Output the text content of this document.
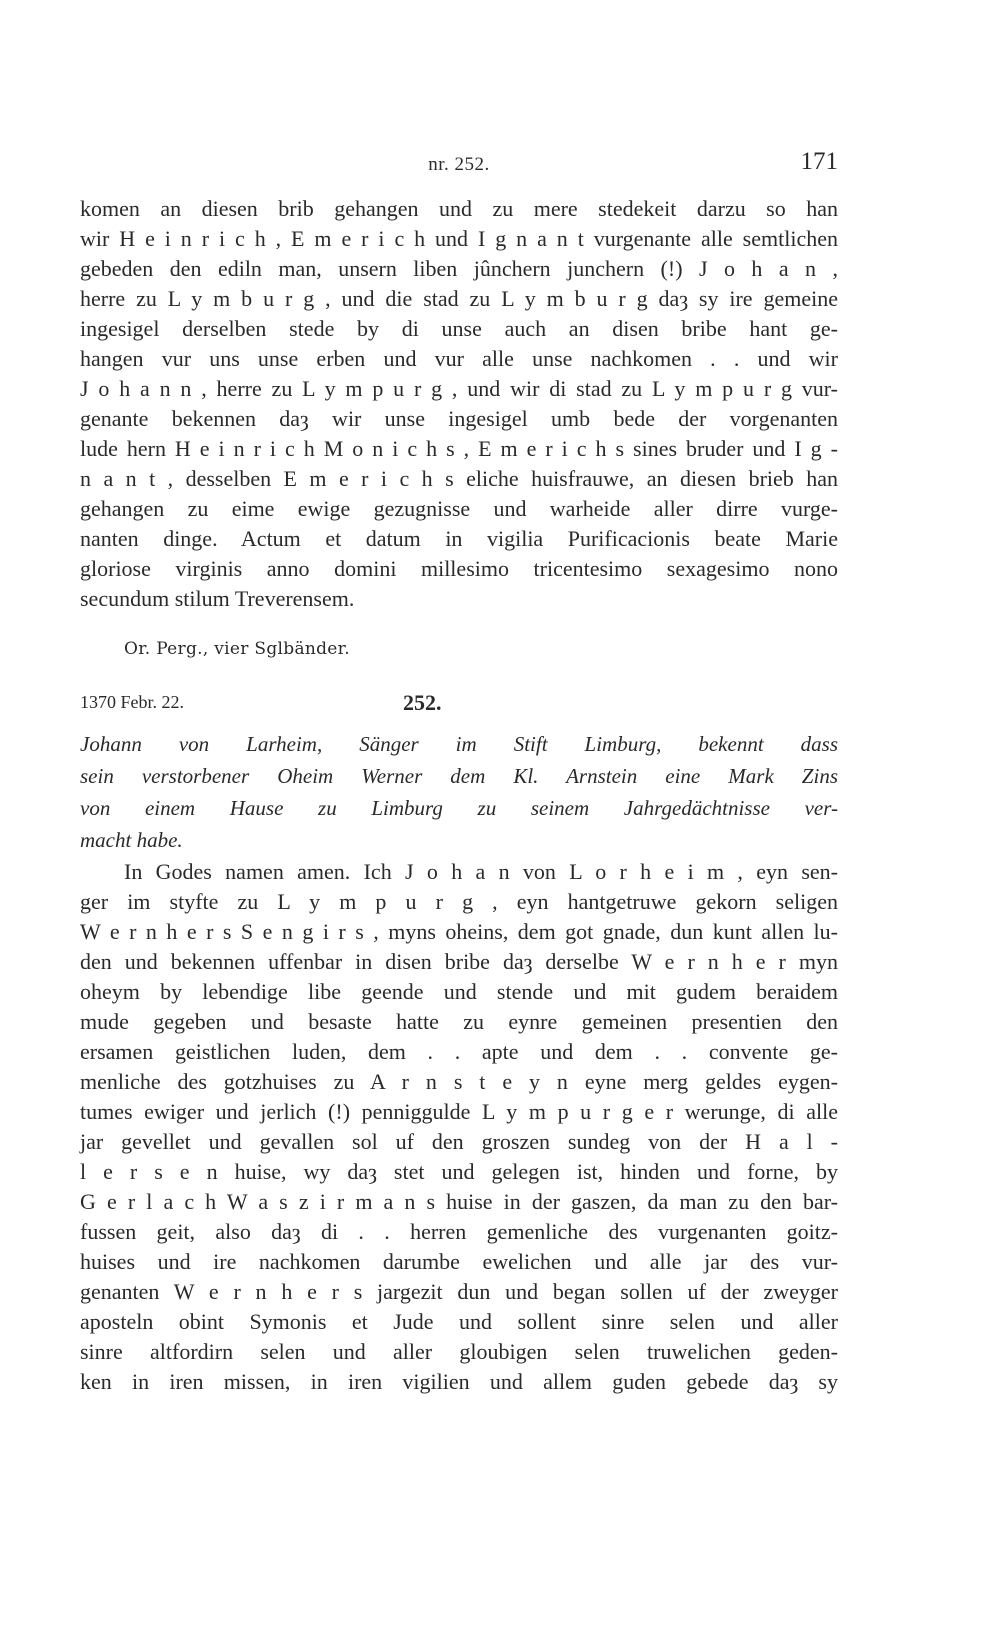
nr. 252.	171
komen an diesen brib gehangen und zu mere stedekeit darzu so han
wir H e i n r i c h , E m e r i c h und I g n a n t vurgenante alle semtlichen
gebeden den ediln man, unsern liben jûnchern junchern (!) J o h a n ,
herre zu L y m b u r g , und die stad zu L y m b u r g daȝ sy ire gemeine
ingesigel derselben stede by di unse auch an disen bribe hant ge-
hangen vur uns unse erben und vur alle unse nachkomen . . und wir
J o h a n n , herre zu L y m p u r g , und wir di stad zu L y m p u r g vur-
genante bekennen daȝ wir unse ingesigel umb bede der vorgenanten
lude hern H e i n r i c h M o n i c h s , E m e r i c h s sines bruder und I g -
n a n t , desselben E m e r i c h s eliche huisfrauwe, an diesen brieb han
gehangen zu eime ewige gezugnisse und warheide aller dirre vurge-
nanten dinge. Actum et datum in vigilia Purificacionis beate Marie
gloriose virginis anno domini millesimo tricentesimo sexagesimo nono
secundum stilum Treverensem.
Or. Perg., vier Sglbänder.
1370 Febr. 22.	252.
Johann von Larheim, Sänger im Stift Limburg, bekennt dass
sein verstorbener Oheim Werner dem Kl. Arnstein eine Mark Zins
von einem Hause zu Limburg zu seinem Jahrgedächtnisse ver-
macht habe.
In Godes namen amen. Ich J o h a n von L o r h e i m , eyn sen-
ger im styfte zu L y m p u r g , eyn hantgetruwe gekorn seligen
W e r n h e r s S e n g i r s , myns oheins, dem got gnade, dun kunt allen lu-
den und bekennen uffenbar in disen bribe daȝ derselbe W e r n h e r myn
oheym by lebendige libe geende und stende und mit gudem beraidem
mude gegeben und besaste hatte zu eynre gemeinen presentien den
ersamen geistlichen luden, dem . . apte und dem . . convente ge-
menliche des gotzhuises zu A r n s t e y n eyne merg geldes eygen-
tumes ewiger und jerlich (!) penniggulde L y m p u r g e r werunge, di alle
jar gevellet und gevallen sol uf den groszen sundeg von der H a l -
l e r s e n huise, wy daȝ stet und gelegen ist, hinden und forne, by
G e r l a c h W a s z i r m a n s huise in der gaszen, da man zu den bar-
fussen geit, also daȝ di . . herren gemenliche des vurgenanten goitz-
huises und ire nachkomen darumbe ewelichen und alle jar des vur-
genanten W e r n h e r s jargezit dun und began sollen uf der zweyger
aposteln obint Symonis et Jude und sollent sinre selen und aller
sinre altfordirn selen und aller gloubigen selen truwelichen geden-
ken in iren missen, in iren vigilien und allem guden gebede daȝ sy
